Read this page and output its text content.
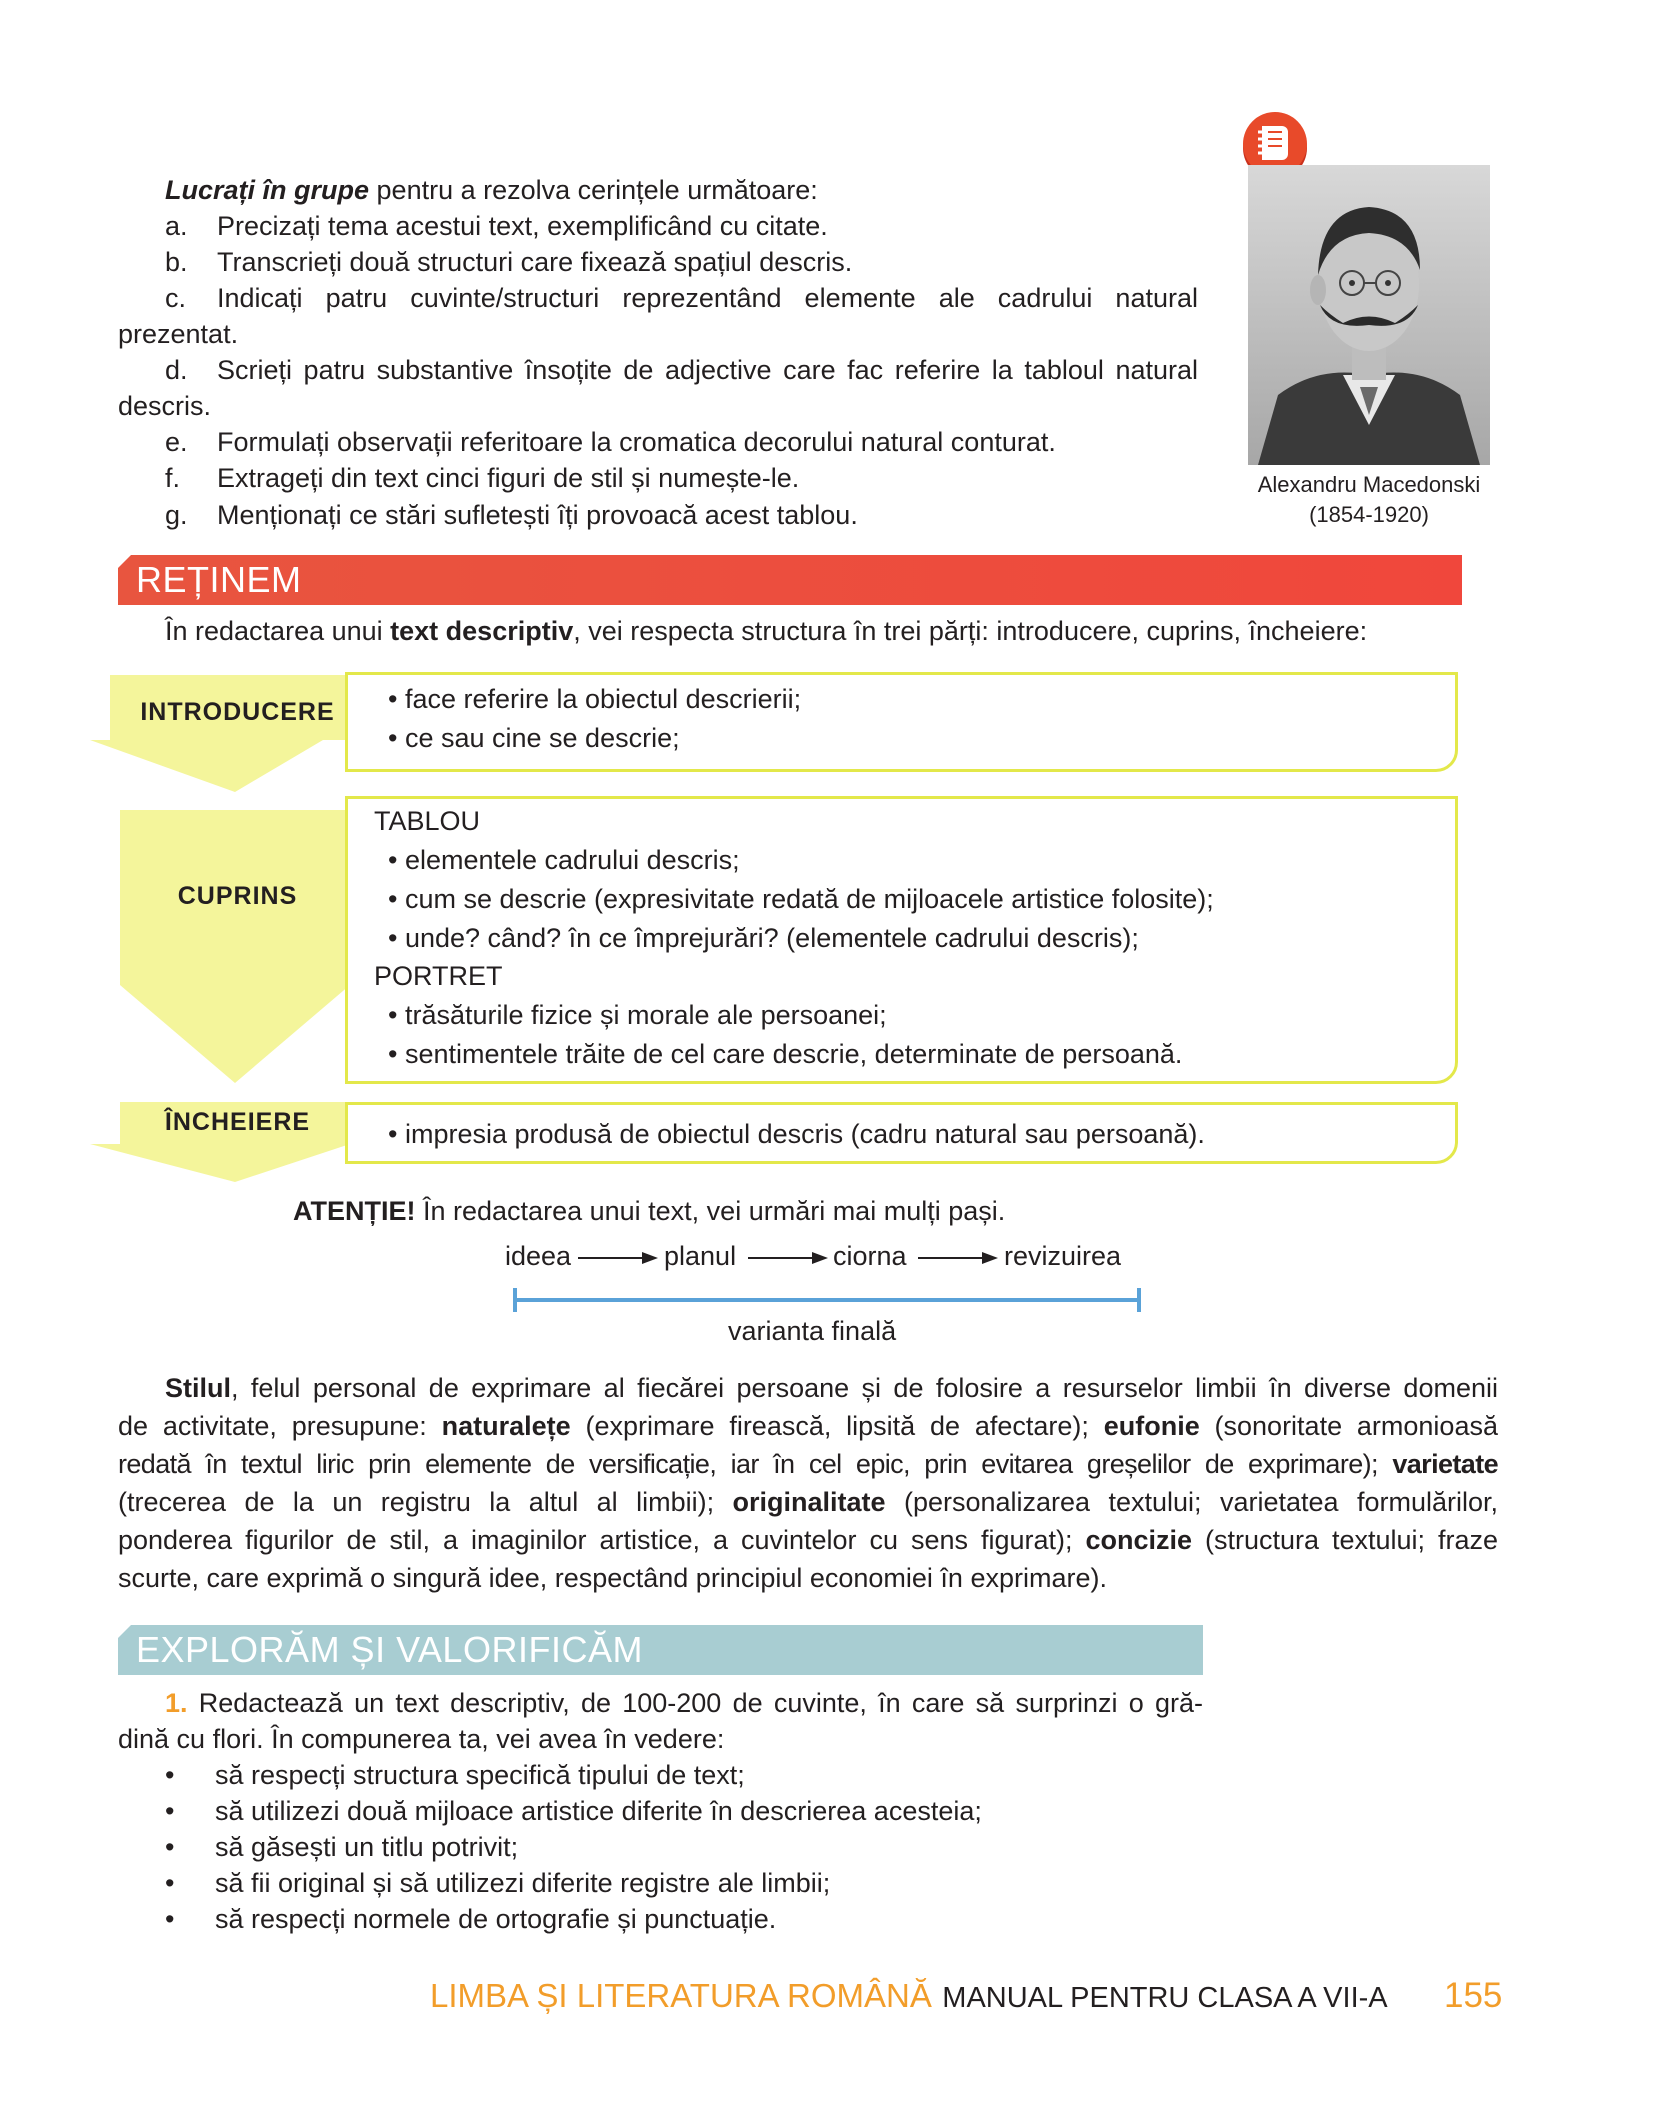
Lucrați în grupe pentru a rezolva cerințele următoare:
a. Precizați tema acestui text, exemplificând cu citate.
b. Transcrieți două structuri care fixează spațiul descris.
c. Indicați patru cuvinte/structuri reprezentând elemente ale cadrului natural
prezentat.
d. Scrieți patru substantive însoțite de adjective care fac referire la tabloul natural
descris.
e. Formulați observații referitoare la cromatica decorului natural conturat.
f. Extrageți din text cinci figuri de stil și numește-le.
g. Menționați ce stări sufletești îți provoacă acest tablou.
Alexandru Macedonski
(1854-1920)
REȚINEM
În redactarea unui text descriptiv, vei respecta structura în trei părți: introducere, cuprins, încheiere:
INTRODUCERE
CUPRINS
ÎNCHEIERE
• face referire la obiectul descrierii;
• ce sau cine se descrie;
TABLOU
• elementele cadrului descris;
• cum se descrie (expresivitate redată de mijloacele artistice folosite);
• unde? când? în ce împrejurări? (elementele cadrului descris);
PORTRET
• trăsăturile fizice și morale ale persoanei;
• sentimentele trăite de cel care descrie, determinate de persoană.
• impresia produsă de obiectul descris (cadru natural sau persoană).
ATENȚIE! În redactarea unui text, vei urmări mai mulți pași.
ideea	planul	ciorna	revizuirea
varianta finală
Stilul, felul personal de exprimare al fiecărei persoane și de folosire a resurselor limbii în diverse domenii
de activitate, presupune: naturalețe (exprimare firească, lipsită de afectare); eufonie (sonoritate armonioasă
redată în textul liric prin elemente de versificație, iar în cel epic, prin evitarea greșelilor de exprimare); varietate
(trecerea de la un registru la altul al limbii); originalitate (personalizarea textului; varietatea formulărilor,
ponderea figurilor de stil, a imaginilor artistice, a cuvintelor cu sens figurat); concizie (structura textului; fraze
scurte, care exprimă o singură idee, respectând principiul economiei în exprimare).
EXPLORĂM ȘI VALORIFICĂM
1. Redactează un text descriptiv, de 100-200 de cuvinte, în care să surprinzi o gră-
dină cu flori. În compunerea ta, vei avea în vedere:
• să respecți structura specifică tipului de text;
• să utilizezi două mijloace artistice diferite în descrierea acesteia;
• să găsești un titlu potrivit;
• să fii original și să utilizezi diferite registre ale limbii;
• să respecți normele de ortografie și punctuație.
LIMBA ȘI LITERATURA ROMÂNĂ MANUAL PENTRU CLASA A VII-A 155
